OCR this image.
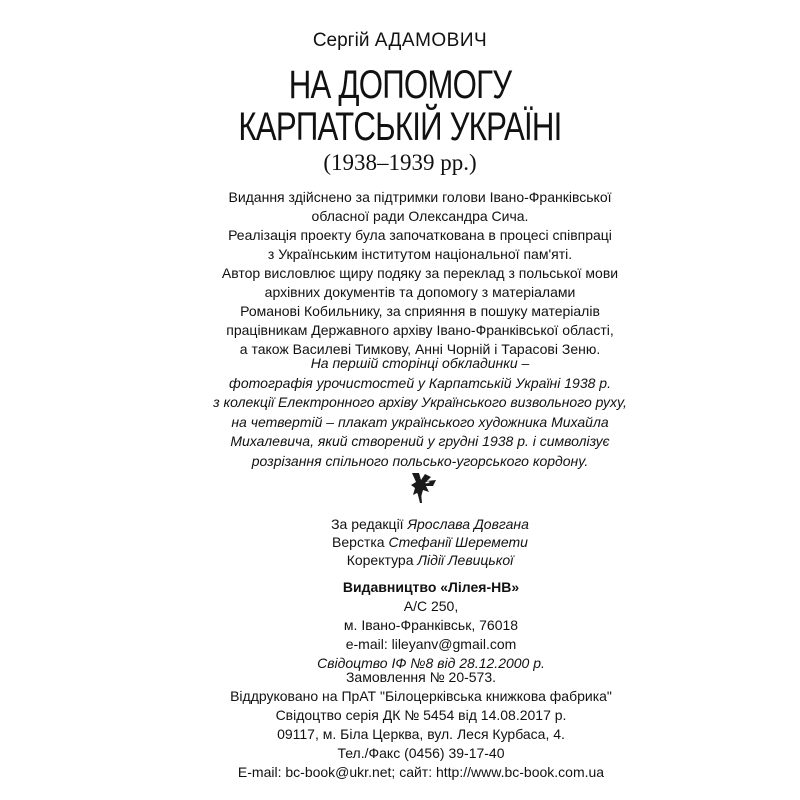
Сергій АДАМОВИЧ
НА ДОПОМОГУ
КАРПАТСЬКІЙ УКРАЇНІ
(1938–1939 рр.)
Видання здійснено за підтримки голови Івано-Франківської
обласної ради Олександра Сича.
Реалізація проекту була започаткована в процесі співпраці
з Українським інститутом національної пам'яті.
Автор висловлює щиру подяку за переклад з польської мови
архівних документів та допомогу з матеріалами
Романові Кобильнику, за сприяння в пошуку матеріалів
працівникам Державного архіву Івано-Франківської області,
а також Василеві Тимкову, Анні Чорній і Тарасові Зеню.
На першій сторінці обкладинки –
фотографія урочистостей у Карпатській Україні 1938 р.
з колекції Електронного архіву Українського визвольного руху,
на четвертій – плакат українського художника Михайла
Михалевича, який створений у грудні 1938 р. і символізує
розрізання спільного польсько-угорського кордону.
За редакції Ярослава Довгана
Верстка Стефанії Шеремети
Коректура Лідії Левицької
Видавництво «Лілея-НВ»
А/С 250,
м. Івано-Франківськ, 76018
e-mail: lileyanv@gmail.com
Свідоцтво ІФ №8 від 28.12.2000 р.
Замовлення № 20-573.
Віддруковано на ПрАТ "Білоцерківська книжкова фабрика"
Свідоцтво серія ДК № 5454 від 14.08.2017 р.
09117, м. Біла Церква, вул. Леся Курбаса, 4.
Тел./Факс (0456) 39-17-40
E-mail: bc-book@ukr.net; сайт: http://www.bc-book.com.ua
